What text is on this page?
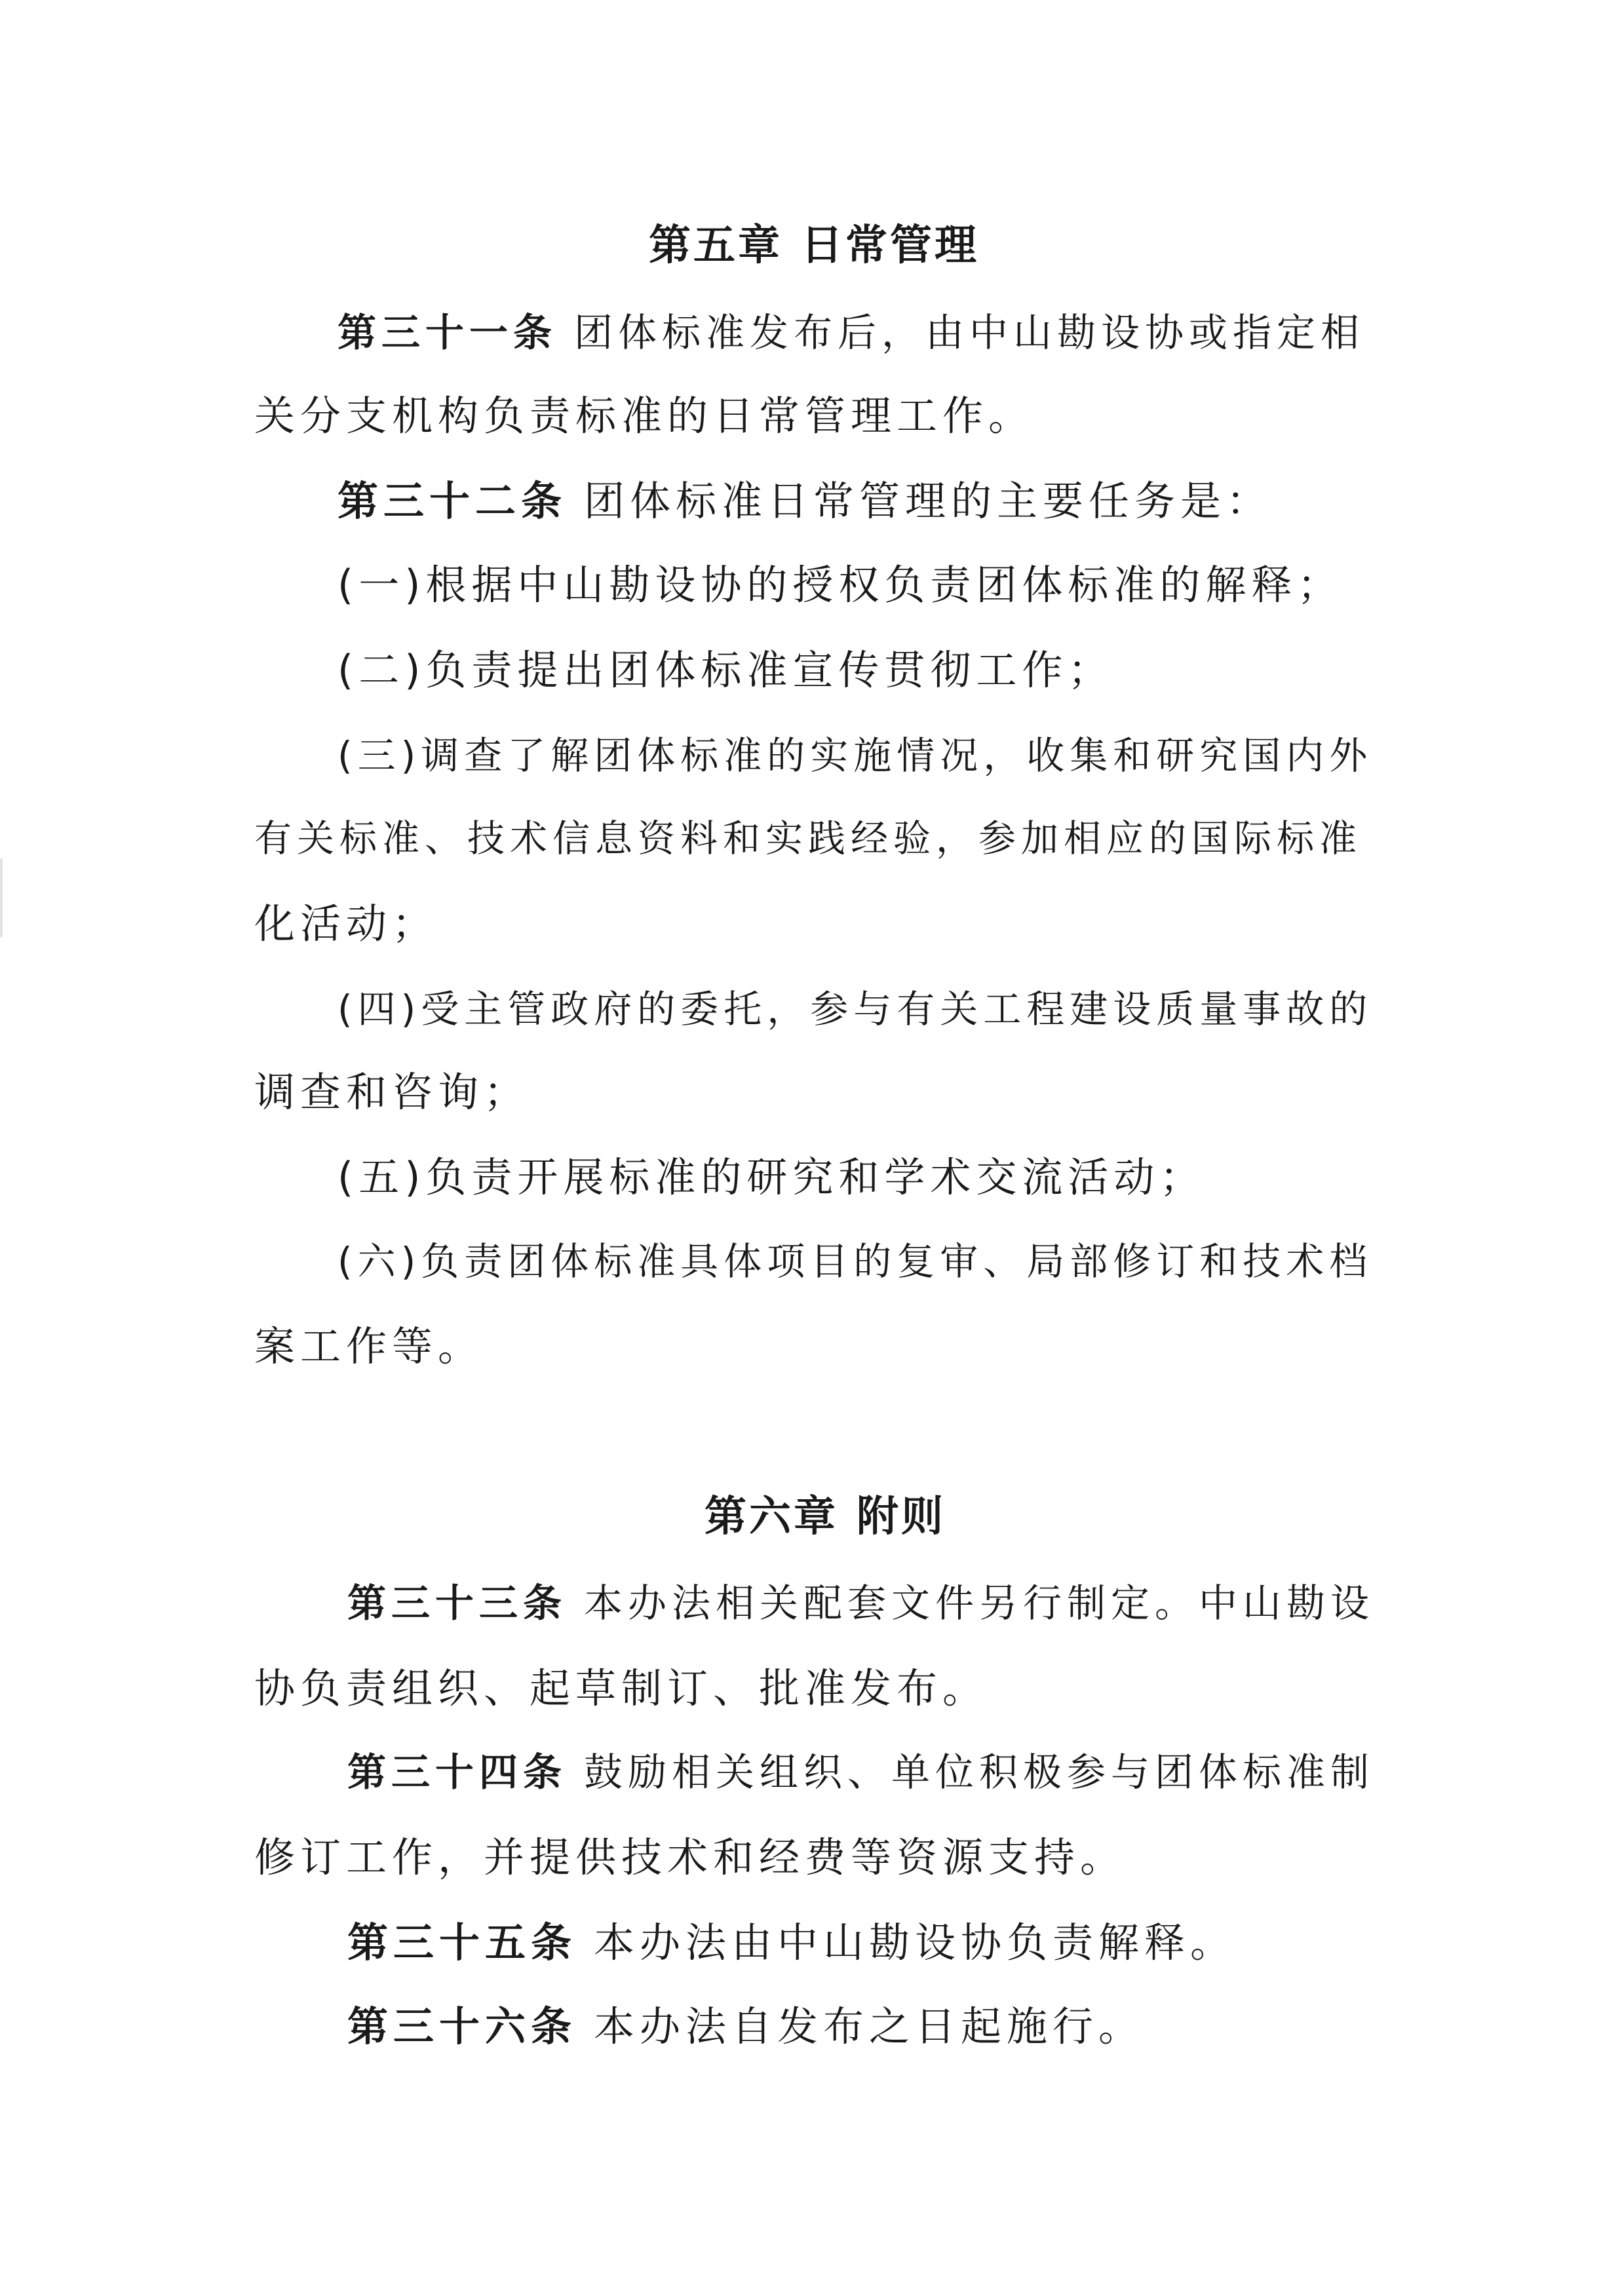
第五章 日常管理
第三十一条 团体标准发布后，由中山勘设协或指定相
关分支机构负责标准的日常管理工作。
第三十二条 团体标准日常管理的主要任务是：
(一)根据中山勘设协的授权负责团体标准的解释；
(二)负责提出团体标准宣传贯彻工作；
(三)调查了解团体标准的实施情况，收集和研究国内外
有关标准、技术信息资料和实践经验，参加相应的国际标准
化活动；
(四)受主管政府的委托，参与有关工程建设质量事故的
调查和咨询；
(五)负责开展标准的研究和学术交流活动；
(六)负责团体标准具体项目的复审、局部修订和技术档
案工作等。
第六章 附则
第三十三条 本办法相关配套文件另行制定。中山勘设
协负责组织、起草制订、批准发布。
第三十四条 鼓励相关组织、单位积极参与团体标准制
修订工作，并提供技术和经费等资源支持。
第三十五条 本办法由中山勘设协负责解释。
第三十六条 本办法自发布之日起施行。
